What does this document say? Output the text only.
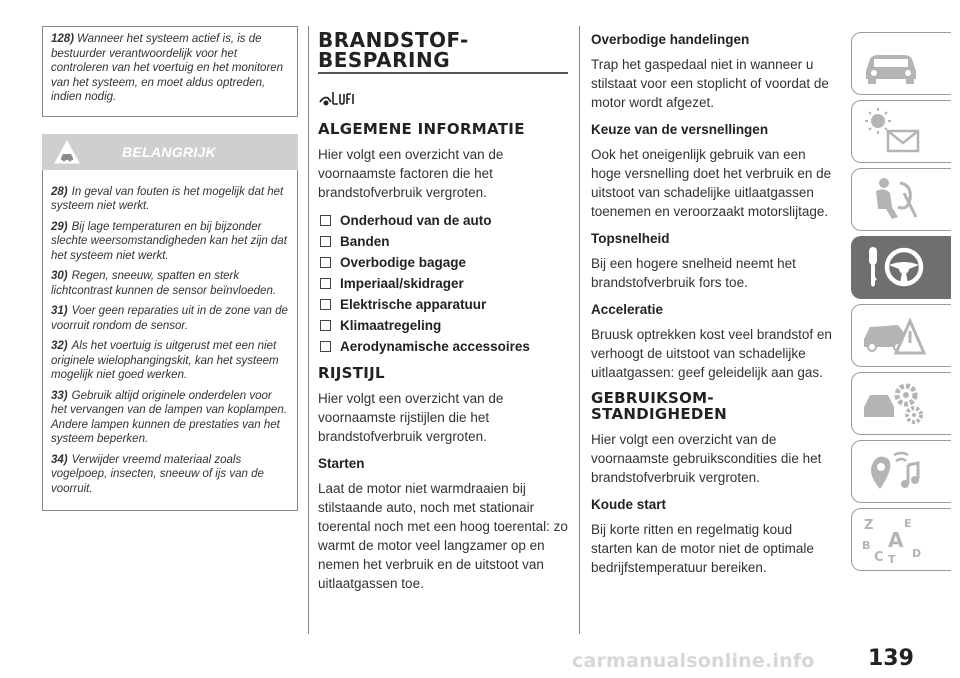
128) Wanneer het systeem actief is, is de bestuurder verantwoordelijk voor het controleren van het voertuig en het monitoren van het systeem, en moet aldus optreden, indien nodig.

BELANGRIJK

28) In geval van fouten is het mogelijk dat het systeem niet werkt.

29) Bij lage temperaturen en bij bijzonder slechte weersomstandigheden kan het zijn dat het systeem niet werkt.

30) Regen, sneeuw, spatten en sterk lichtcontrast kunnen de sensor beïnvloeden.

31) Voer geen reparaties uit in de zone van de voorruit rondom de sensor.

32) Als het voertuig is uitgerust met een niet originele wielophangingskit, kan het systeem mogelijk niet goed werken.

33) Gebruik altijd originele onderdelen voor het vervangen van de lampen van koplampen. Andere lampen kunnen de prestaties van het systeem beperken.

34) Verwijder vreemd materiaal zoals vogelpoep, insecten, sneeuw of ijs van de voorruit.

BRANDSTOF-
BESPARING
ALGEMENE INFORMATIE

Hier volgt een overzicht van de voornaamste factoren die het brandstofverbruik vergroten.

Onderhoud van de auto
Banden
Overbodige bagage
Imperiaal/skidrager
Elektrische apparatuur
Klimaatregeling
Aerodynamische accessoires
RIJSTIJL

Hier volgt een overzicht van de voornaamste rijstijlen die het brandstofverbruik vergroten.

Starten

Laat de motor niet warmdraaien bij stilstaande auto, noch met stationair toerental noch met een hoog toerental: zo warmt de motor veel langzamer op en nemen het verbruik en de uitstoot van uitlaatgassen toe.

Overbodige handelingen

Trap het gaspedaal niet in wanneer u stilstaat voor een stoplicht of voordat de motor wordt afgezet.

Keuze van de versnellingen

Ook het oneigenlijk gebruik van een hoge versnelling doet het verbruik en de uitstoot van schadelijke uitlaatgassen toenemen en veroorzaakt motorslijtage.

Topsnelheid

Bij een hogere snelheid neemt het brandstofverbruik fors toe.

Acceleratie

Bruusk optrekken kost veel brandstof en verhoogt de uitstoot van schadelijke uitlaatgassen: geef geleidelijk aan gas.

GEBRUIKSOM-
STANDIGHEDEN

Hier volgt een overzicht van de voornaamste gebruikscondities die het brandstofverbruik vergroten.

Koude start

Bij korte ritten en regelmatig koud starten kan de motor niet de optimale bedrijfstemperatuur bereiken.

Z	E
B A
C T D
carmanualsonline.info 139
